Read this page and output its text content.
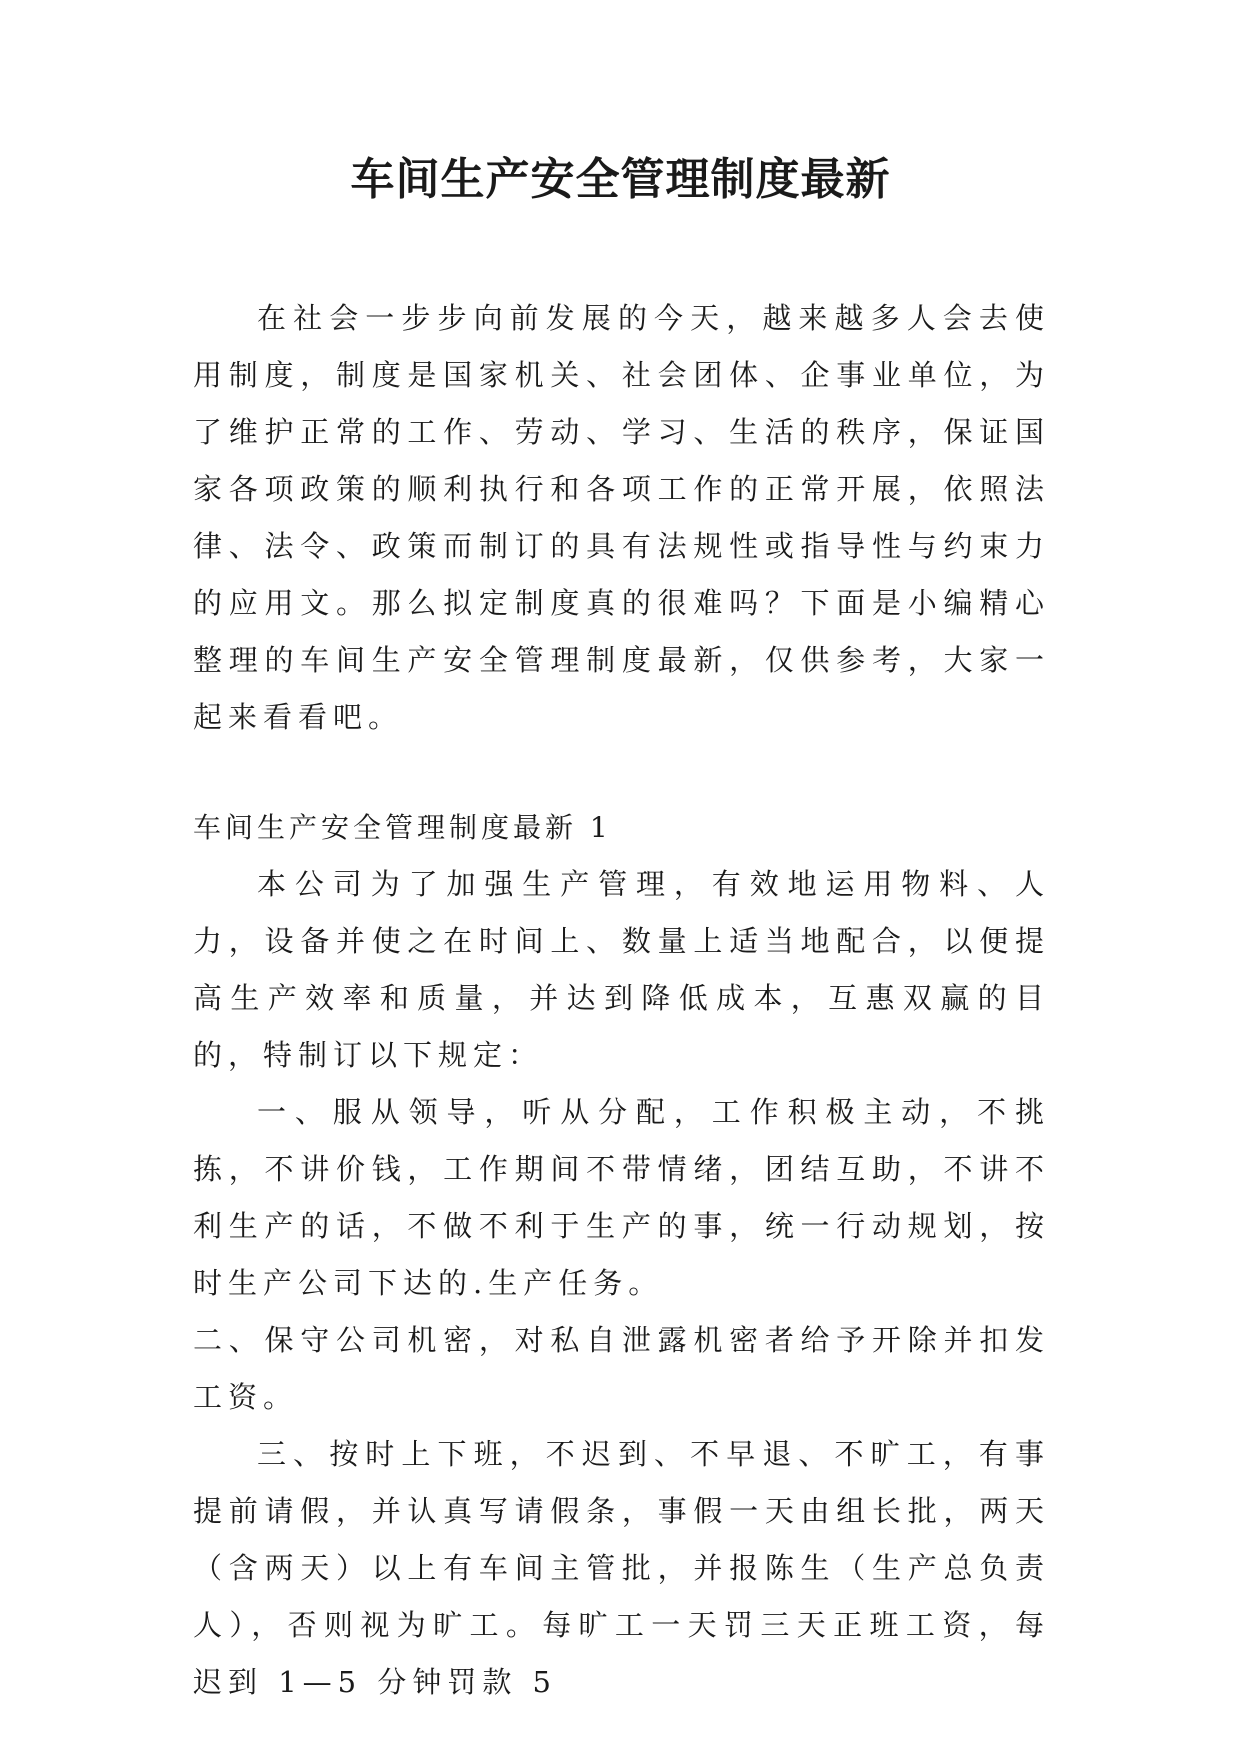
车间生产安全管理制度最新

在社会一步步向前发展的今天，越来越多人会去使用制度，制度是国家机关、社会团体、企事业单位，为了维护正常的工作、劳动、学习、生活的秩序，保证国家各项政策的顺利执行和各项工作的正常开展，依照法律、法令、政策而制订的具有法规性或指导性与约束力的应用文。那么拟定制度真的很难吗？下面是小编精心整理的车间生产安全管理制度最新，仅供参考，大家一起来看看吧。

车间生产安全管理制度最新 1

本公司为了加强生产管理，有效地运用物料、人力，设备并使之在时间上、数量上适当地配合，以便提高生产效率和质量，并达到降低成本，互惠双赢的目的，特制订以下规定：

一、服从领导，听从分配，工作积极主动，不挑拣，不讲价钱，工作期间不带情绪，团结互助，不讲不利生产的话，不做不利于生产的事，统一行动规划，按时生产公司下达的.生产任务。

二、保守公司机密，对私自泄露机密者给予开除并扣发工资。

三、按时上下班，不迟到、不早退、不旷工，有事提前请假，并认真写请假条，事假一天由组长批，两天（含两天）以上有车间主管批，并报陈生（生产总负责人），否则视为旷工。每旷工一天罚三天正班工资，每迟到 1—5 分钟罚款 5
